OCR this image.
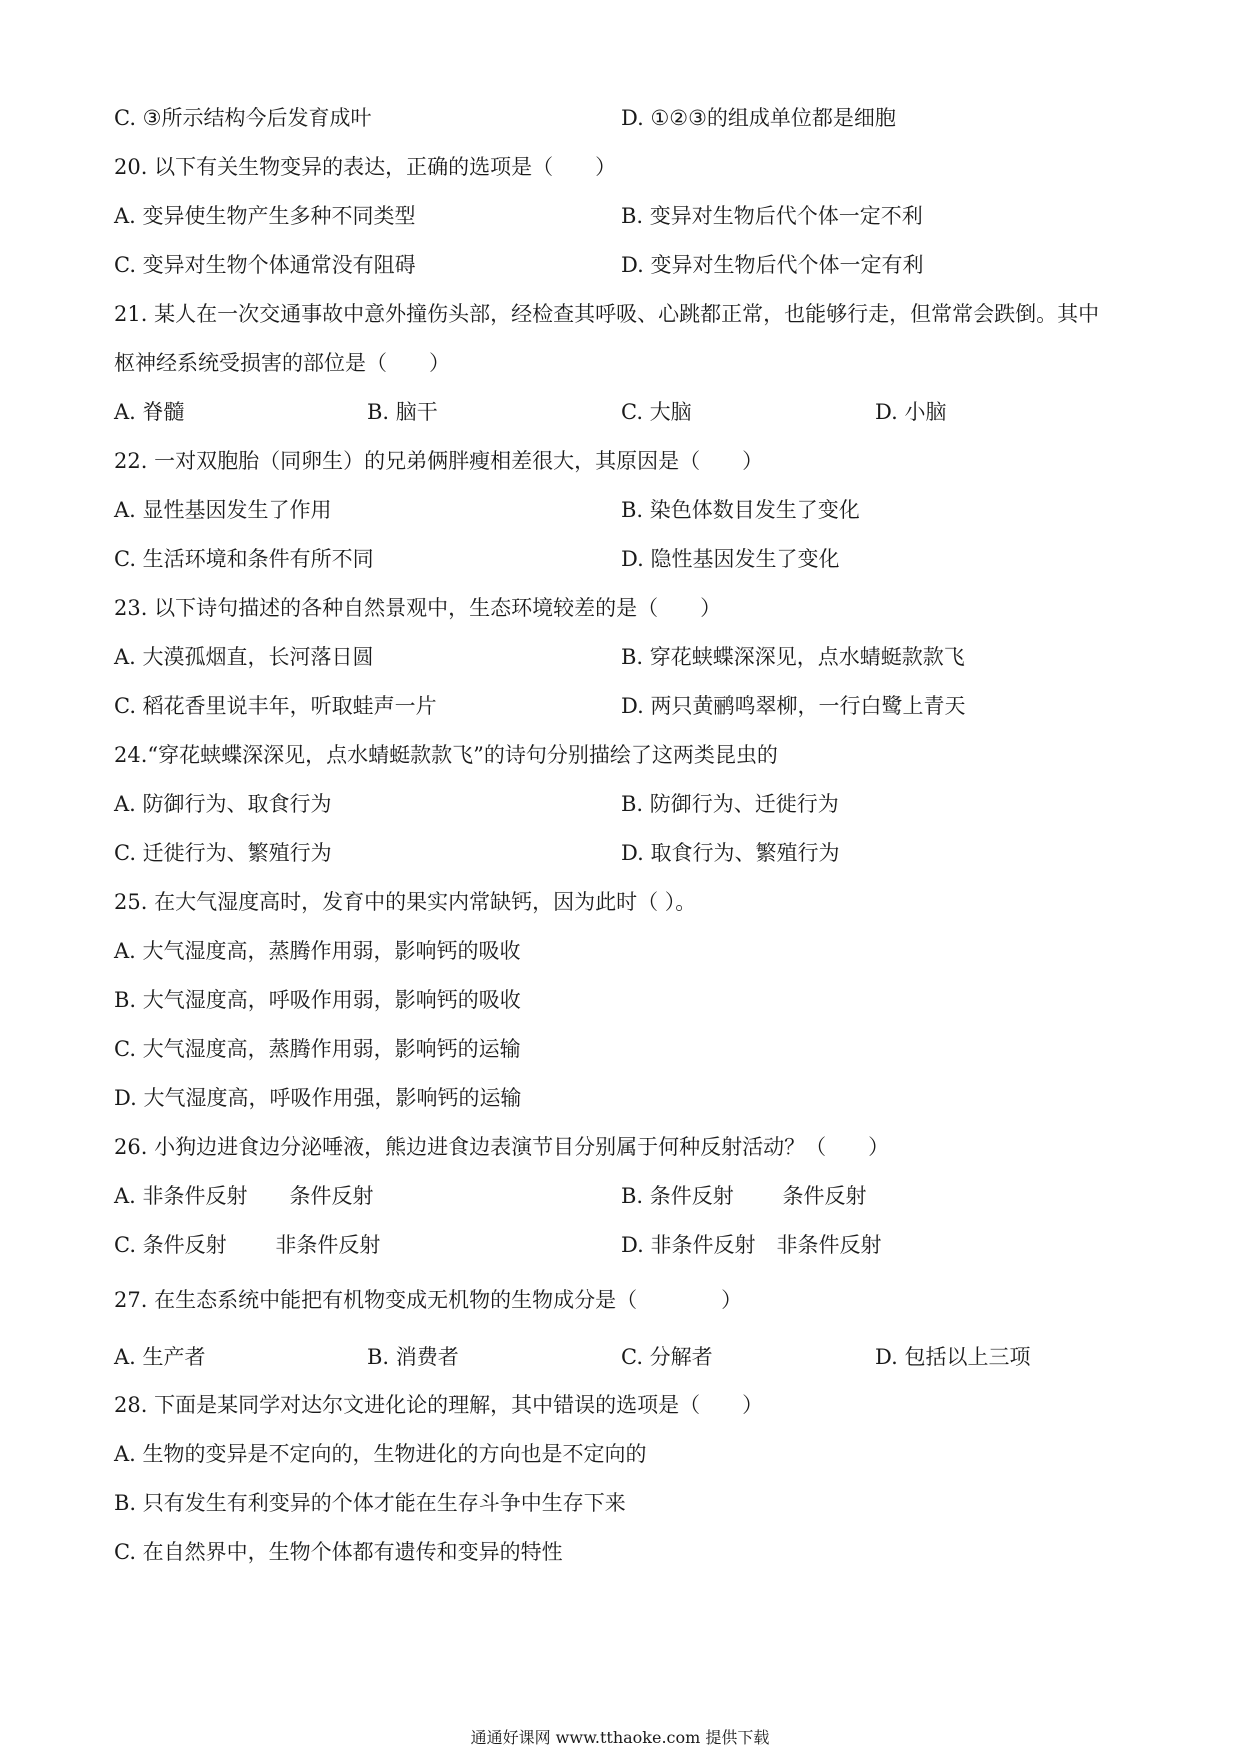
C. ③所示结构今后发育成叶	D. ①②③的组成单位都是细胞
20. 以下有关生物变异的表达，正确的选项是（　　）
A. 变异使生物产生多种不同类型	B. 变异对生物后代个体一定不利
C. 变异对生物个体通常没有阻碍	D. 变异对生物后代个体一定有利
21. 某人在一次交通事故中意外撞伤头部，经检查其呼吸、心跳都正常，也能够行走，但常常会跌倒。其中
枢神经系统受损害的部位是（　　）
A. 脊髓	B. 脑干	C. 大脑	D. 小脑
22. 一对双胞胎（同卵生）的兄弟俩胖瘦相差很大，其原因是（　　）
A. 显性基因发生了作用	B. 染色体数目发生了变化
C. 生活环境和条件有所不同	D. 隐性基因发生了变化
23. 以下诗句描述的各种自然景观中，生态环境较差的是（　　）
A. 大漠孤烟直，长河落日圆	B. 穿花蛱蝶深深见，点水蜻蜓款款飞
C. 稻花香里说丰年，听取蛙声一片	D. 两只黄鹂鸣翠柳，一行白鹭上青天
24.“穿花蛱蝶深深见，点水蜻蜓款款飞”的诗句分别描绘了这两类昆虫的
A. 防御行为、取食行为	B. 防御行为、迁徙行为
C. 迁徙行为、繁殖行为	D. 取食行为、繁殖行为
25. 在大气湿度高时，发育中的果实内常缺钙，因为此时（ ）。
A. 大气湿度高，蒸腾作用弱，影响钙的吸收
B. 大气湿度高，呼吸作用弱，影响钙的吸收
C. 大气湿度高，蒸腾作用弱，影响钙的运输
D. 大气湿度高，呼吸作用强，影响钙的运输
26. 小狗边进食边分泌唾液，熊边进食边表演节目分别属于何种反射活动？（　　）
A. 非条件反射　　条件反射	B. 条件反射　　 条件反射
C. 条件反射　　 非条件反射	D. 非条件反射　非条件反射
27. 在生态系统中能把有机物变成无机物的生物成分是（　　　　）
A. 生产者	B. 消费者	C. 分解者	D. 包括以上三项
28. 下面是某同学对达尔文进化论的理解，其中错误的选项是（　　）
A. 生物的变异是不定向的，生物进化的方向也是不定向的
B. 只有发生有利变异的个体才能在生存斗争中生存下来
C. 在自然界中，生物个体都有遗传和变异的特性
通通好课网 www.tthaoke.com 提供下载
